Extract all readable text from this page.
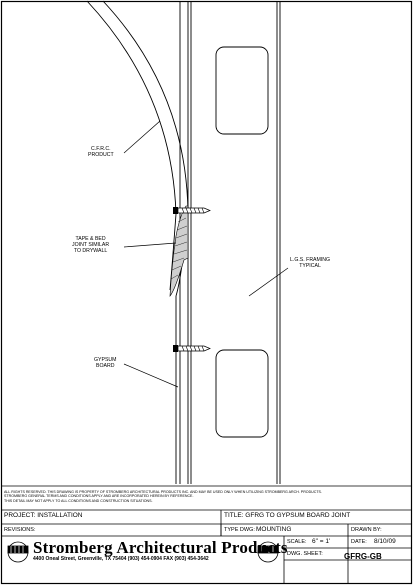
C.F.R.C.
PRODUCT
TAPE & BED
JOINT SIMILAR
TO DRYWALL
L.G.S. FRAMING
TYPICAL
GYPSUM
BOARD
ALL RIGHTS RESERVED. THIS DRAWING IS PROPERTY OF STROMBERG ARCHITECTURAL PRODUCTS INC. AND MAY BE USED ONLY WHEN UTILIZING STROMBERG ARCH. PRODUCTS.
STROMBERG GENERAL TERMS AND CONDITIONS APPLY AND ARE INCORPORATED HEREIN BY REFERENCE.
THIS DETAIL MAY NOT APPLY TO ALL CONDITIONS AND CONSTRUCTION SITUATIONS.
PROJECT: INSTALLATION
REVISIONS:
TITLE: GFRG TO GYPSUM BOARD JOINT
TYPE DWG: MOUNTING	DRAWN BY:
SCALE: 6" = 1'	DATE: 8/10/09
DWG. SHEET:	GFRG-GB
Stromberg Architectural Products
4400 Oneal Street, Greenville, TX 75404 (903) 454-0904 FAX (903) 454-3642
